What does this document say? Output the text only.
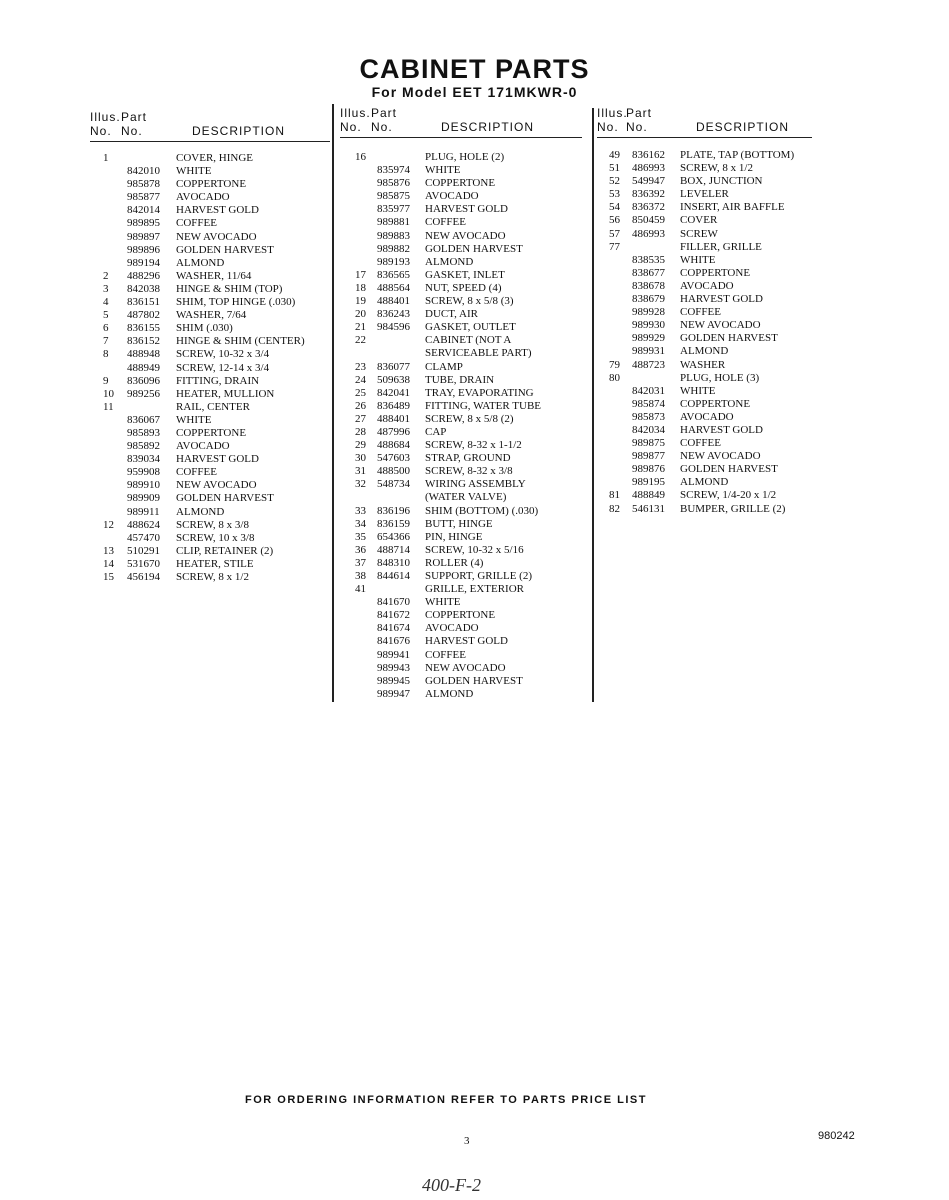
CABINET PARTS
For Model EET 171MKWR-0
Illus. Part
No. No.	DESCRIPTION
1	COVER, HINGE
842010 WHITE
985878 COPPERTONE
985877 AVOCADO
842014 HARVEST GOLD
989895 COFFEE
989897 NEW AVOCADO
989896 GOLDEN HARVEST
989194 ALMOND
2 488296 WASHER, 11/64
3 842038 HINGE & SHIM (TOP)
4 836151 SHIM, TOP HINGE (.030)
5 487802 WASHER, 7/64
6 836155 SHIM (.030)
7 836152 HINGE & SHIM (CENTER)
8 488948 SCREW, 10-32 x 3/4
488949 SCREW, 12-14 x 3/4
9 836096 FITTING, DRAIN
10 989256 HEATER, MULLION
11	RAIL, CENTER
836067 WHITE
985893 COPPERTONE
985892 AVOCADO
839034 HARVEST GOLD
959908 COFFEE
989910 NEW AVOCADO
989909 GOLDEN HARVEST
989911 ALMOND
12 488624 SCREW, 8 x 3/8
457470 SCREW, 10 x 3/8
13 510291 CLIP, RETAINER (2)
14 531670 HEATER, STILE
15 456194 SCREW, 8 x 1/2
Illus. Part
No. No.	DESCRIPTION
16	PLUG, HOLE (2)
835974 WHITE
985876 COPPERTONE
985875 AVOCADO
835977 HARVEST GOLD
989881 COFFEE
989883 NEW AVOCADO
989882 GOLDEN HARVEST
989193 ALMOND
17 836565 GASKET, INLET
18 488564 NUT, SPEED (4)
19 488401 SCREW, 8 x 5/8 (3)
20 836243 DUCT, AIR
21 984596 GASKET, OUTLET
22	CABINET (NOT A
SERVICEABLE PART)
23 836077 CLAMP
24 509638 TUBE, DRAIN
25 842041 TRAY, EVAPORATING
26 836489 FITTING, WATER TUBE
27 488401 SCREW, 8 x 5/8 (2)
28 487996 CAP
29 488684 SCREW, 8-32 x 1-1/2
30 547603 STRAP, GROUND
31 488500 SCREW, 8-32 x 3/8
32 548734 WIRING ASSEMBLY
(WATER VALVE)
33 836196 SHIM (BOTTOM) (.030)
34 836159 BUTT, HINGE
35 654366 PIN, HINGE
36 488714 SCREW, 10-32 x 5/16
37 848310 ROLLER (4)
38 844614 SUPPORT, GRILLE (2)
41	GRILLE, EXTERIOR
841670 WHITE
841672 COPPERTONE
841674 AVOCADO
841676 HARVEST GOLD
989941 COFFEE
989943 NEW AVOCADO
989945 GOLDEN HARVEST
989947 ALMOND
Illus.
Part
No. No.	DESCRIPTION
49 836162 PLATE, TAP (BOTTOM)
51 486993 SCREW, 8 x 1/2
52 549947 BOX, JUNCTION
53 836392 LEVELER
54 836372 INSERT, AIR BAFFLE
56 850459 COVER
57 486993 SCREW
77	FILLER, GRILLE
838535 WHITE
838677 COPPERTONE
838678 AVOCADO
838679 HARVEST GOLD
989928 COFFEE
989930 NEW AVOCADO
989929 GOLDEN HARVEST
989931 ALMOND
79 488723 WASHER
80	PLUG, HOLE (3)
842031 WHITE
985874 COPPERTONE
985873 AVOCADO
842034 HARVEST GOLD
989875 COFFEE
989877 NEW AVOCADO
989876 GOLDEN HARVEST
989195 ALMOND
81 488849 SCREW, 1/4-20 x 1/2
82 546131 BUMPER, GRILLE (2)
FOR ORDERING INFORMATION REFER TO PARTS PRICE LIST
3	980242
400-F-2
